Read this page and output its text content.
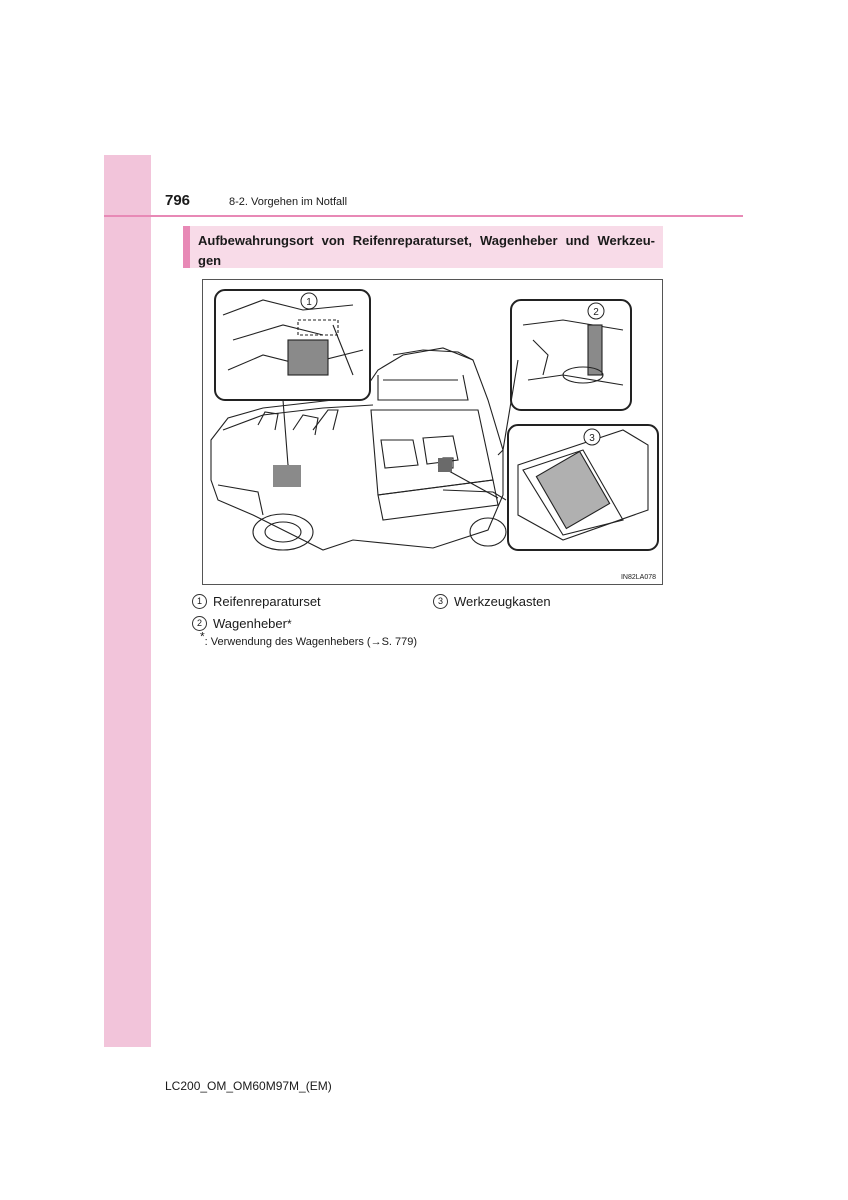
796	8-2. Vorgehen im Notfall
Aufbewahrungsort von Reifenreparaturset, Wagenheber und Werkzeu-gen
1
2
3
IN82LA078
1 Reifenreparaturset	3 Werkzeugkasten
2 Wagenheber *
*: Verwendung des Wagenhebers (→S. 779)
LC200_OM_OM60M97M_(EM)
